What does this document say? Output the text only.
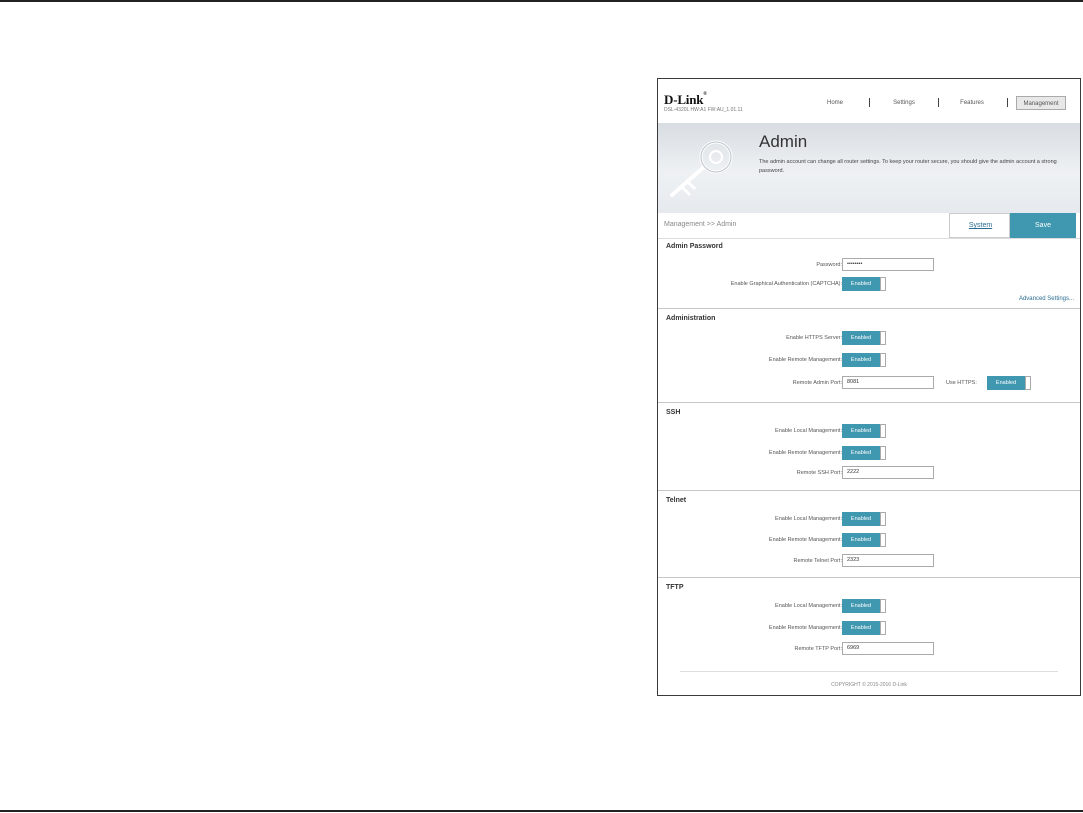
D-Link®
DSL-4320L HW:A1 FW:AU_1.01.11
Home	Settings	Features	Management
Admin
The admin account can change all router settings. To keep your router secure, you should give the admin account a strong password.
Management >> Admin	System	Save
Admin Password
Password: ••••••••
Enable Graphical Authentication (CAPTCHA):	Enabled
Advanced Settings...
Administration
Enable HTTPS Server:	Enabled
Enable Remote Management:	Enabled
Remote Admin Port: 8081	Use HTTPS:	Enabled
SSH
Enable Local Management:	Enabled
Enable Remote Management:	Enabled
Remote SSH Port: 2222
Telnet
Enable Local Management:	Enabled
Enable Remote Management:	Enabled
Remote Telnet Port: 2323
TFTP
Enable Local Management:	Enabled
Enable Remote Management:	Enabled
Remote TFTP Port: 6969
COPYRIGHT © 2015-2016 D-Link
